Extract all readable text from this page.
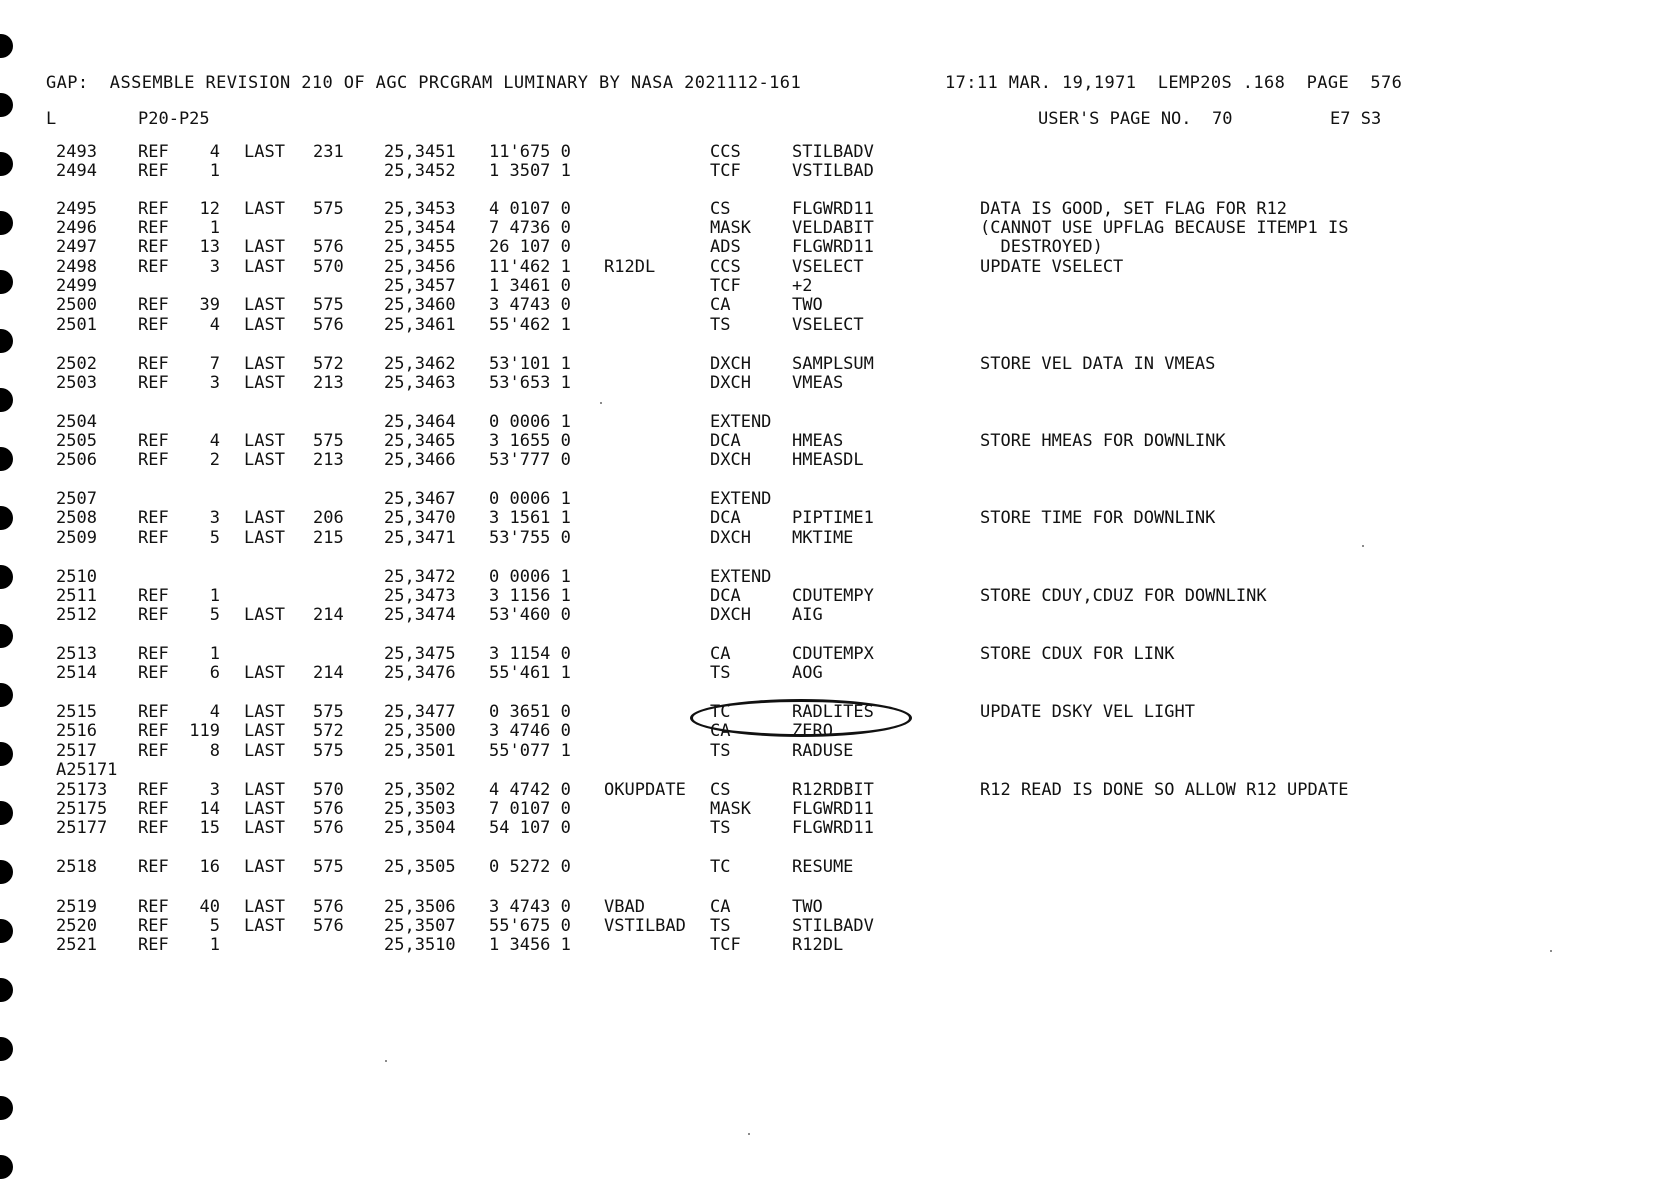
GAP:  ASSEMBLE REVISION 210 OF AGC PRCGRAM LUMINARY BY NASA 2021112-161	17:11 MAR. 19,1971  LEMP20S .168  PAGE  576
L	P20-P25	USER'S PAGE NO.  70	E7 S3
2493 REF	4 LAST 231 25,3451 11'675 0	CCS	STILBADV
2494 REF	1	25,3452 1 3507 1	TCF	VSTILBAD
2495 REF	12 LAST 575 25,3453 4 0107 0	CS	FLGWRD11	DATA IS GOOD, SET FLAG FOR R12
2496 REF	1	25,3454 7 4736 0	MASK VELDABIT	(CANNOT USE UPFLAG BECAUSE ITEMP1 IS
2497 REF	13 LAST 576 25,3455 26 107 0	ADS	FLGWRD11	DESTROYED)
2498 REF	3 LAST 570 25,3456 11'462 1 R12DL	CCS	VSELECT	UPDATE VSELECT
2499	25,3457 1 3461 0	TCF	+2
2500 REF	39 LAST 575 25,3460 3 4743 0	CA	TWO
2501 REF	4 LAST 576 25,3461 55'462 1	TS	VSELECT
2502 REF	7 LAST 572 25,3462 53'101 1	DXCH SAMPLSUM	STORE VEL DATA IN VMEAS
2503 REF	3 LAST 213 25,3463 53'653 1	DXCH VMEAS
2504	25,3464 0 0006 1	EXTEND
2505 REF	4 LAST 575 25,3465 3 1655 0	DCA	HMEAS	STORE HMEAS FOR DOWNLINK
2506 REF	2 LAST 213 25,3466 53'777 0	DXCH HMEASDL
2507	25,3467 0 0006 1	EXTEND
2508 REF	3 LAST 206 25,3470 3 1561 1	DCA	PIPTIME1	STORE TIME FOR DOWNLINK
2509 REF	5 LAST 215 25,3471 53'755 0	DXCH MKTIME
2510	25,3472 0 0006 1	EXTEND
2511 REF	1	25,3473 3 1156 1	DCA	CDUTEMPY	STORE CDUY,CDUZ FOR DOWNLINK
2512 REF	5 LAST 214 25,3474 53'460 0	DXCH AIG
2513 REF	1	25,3475 3 1154 0	CA	CDUTEMPX	STORE CDUX FOR LINK
2514 REF	6 LAST 214 25,3476 55'461 1	TS	AOG
2515 REF	4 LAST 575 25,3477 0 3651 0	TC	RADLITES	UPDATE DSKY VEL LIGHT
2516 REF	119 LAST 572 25,3500 3 4746 0	CA	ZERO
2517 REF	8 LAST 575 25,3501 55'077 1	TS	RADUSE
A25171
25173 REF	3 LAST 570 25,3502 4 4742 0 OKUPDATE CS	R12RDBIT	R12 READ IS DONE SO ALLOW R12 UPDATE
25175 REF	14 LAST 576 25,3503 7 0107 0	MASK FLGWRD11
25177 REF	15 LAST 576 25,3504 54 107 0	TS	FLGWRD11
2518 REF	16 LAST 575 25,3505 0 5272 0	TC	RESUME
2519 REF	40 LAST 576 25,3506 3 4743 0 VBAD	CA	TWO
2520 REF	5 LAST 576 25,3507 55'675 0 VSTILBAD TS	STILBADV
2521 REF	1	25,3510 1 3456 1	TCF	R12DL
